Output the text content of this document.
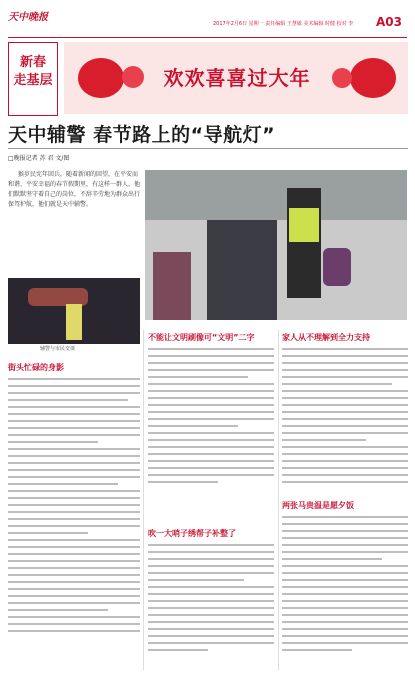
天中晚报
2017年2月6日 星期一 责任编辑 王慧敏 美术编辑 时健 校对 李	A03
新春
走基层	欢欢喜喜过大年
天中辅警 春节路上的“导航灯”
□晚报记者 苏 君 文/图

猴岁民宪年回兵，随着新闻的回望，在平安而和谐、平安幸福的春节假期里，有这样一群人，他们默默坚守着自己的岗位，不辞辛劳地为群众出行保驾护航，他们就是天中辅警。

辅警与市民交谈
街头忙碌的身影
不能让文明刷像可“文明”二字
吹一大哨子绣帮子补整了
家人从不理解到全力支持
两张马贵温是愿夕饭
